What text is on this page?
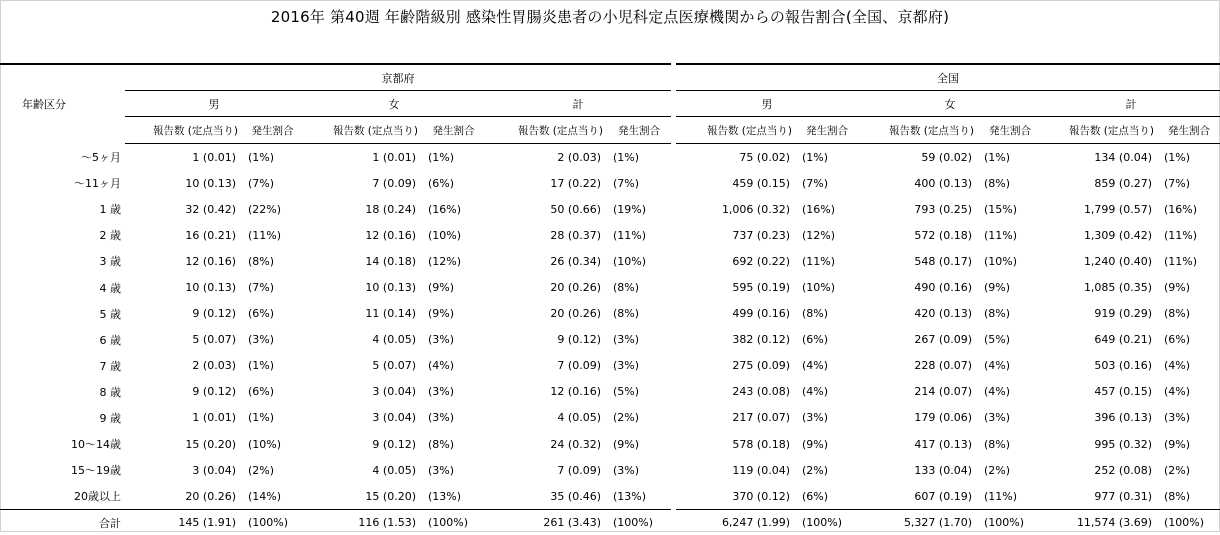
2016年 第40週 年齢階級別 感染性胃腸炎患者の小児科定点医療機関からの報告割合(全国、京都府)
年齢区分	京都府							全国					
	男		女		計			男		女		計	
	報告数 (定点当り)	発生割合	報告数 (定点当り)	発生割合	報告数 (定点当り)	発生割合		報告数 (定点当り)	発生割合	報告数 (定点当り)	発生割合	報告数 (定点当り)	発生割合
〜5ヶ月	1 (0.01)	(1%)	1 (0.01)	(1%)	2 (0.03)	(1%)		75 (0.02)	(1%)	59 (0.02)	(1%)	134 (0.04)	(1%)
〜11ヶ月	10 (0.13)	(7%)	7 (0.09)	(6%)	17 (0.22)	(7%)		459 (0.15)	(7%)	400 (0.13)	(8%)	859 (0.27)	(7%)
1 歳	32 (0.42)	(22%)	18 (0.24)	(16%)	50 (0.66)	(19%)		1,006 (0.32)	(16%)	793 (0.25)	(15%)	1,799 (0.57)	(16%)
2 歳	16 (0.21)	(11%)	12 (0.16)	(10%)	28 (0.37)	(11%)		737 (0.23)	(12%)	572 (0.18)	(11%)	1,309 (0.42)	(11%)
3 歳	12 (0.16)	(8%)	14 (0.18)	(12%)	26 (0.34)	(10%)		692 (0.22)	(11%)	548 (0.17)	(10%)	1,240 (0.40)	(11%)
4 歳	10 (0.13)	(7%)	10 (0.13)	(9%)	20 (0.26)	(8%)		595 (0.19)	(10%)	490 (0.16)	(9%)	1,085 (0.35)	(9%)
5 歳	9 (0.12)	(6%)	11 (0.14)	(9%)	20 (0.26)	(8%)		499 (0.16)	(8%)	420 (0.13)	(8%)	919 (0.29)	(8%)
6 歳	5 (0.07)	(3%)	4 (0.05)	(3%)	9 (0.12)	(3%)		382 (0.12)	(6%)	267 (0.09)	(5%)	649 (0.21)	(6%)
7 歳	2 (0.03)	(1%)	5 (0.07)	(4%)	7 (0.09)	(3%)		275 (0.09)	(4%)	228 (0.07)	(4%)	503 (0.16)	(4%)
8 歳	9 (0.12)	(6%)	3 (0.04)	(3%)	12 (0.16)	(5%)		243 (0.08)	(4%)	214 (0.07)	(4%)	457 (0.15)	(4%)
9 歳	1 (0.01)	(1%)	3 (0.04)	(3%)	4 (0.05)	(2%)		217 (0.07)	(3%)	179 (0.06)	(3%)	396 (0.13)	(3%)
10〜14歳	15 (0.20)	(10%)	9 (0.12)	(8%)	24 (0.32)	(9%)		578 (0.18)	(9%)	417 (0.13)	(8%)	995 (0.32)	(9%)
15〜19歳	3 (0.04)	(2%)	4 (0.05)	(3%)	7 (0.09)	(3%)		119 (0.04)	(2%)	133 (0.04)	(2%)	252 (0.08)	(2%)
20歳以上	20 (0.26)	(14%)	15 (0.20)	(13%)	35 (0.46)	(13%)		370 (0.12)	(6%)	607 (0.19)	(11%)	977 (0.31)	(8%)
合計	145 (1.91)	(100%)	116 (1.53)	(100%)	261 (3.43)	(100%)		6,247 (1.99)	(100%)	5,327 (1.70)	(100%)	11,574 (3.69)	(100%)
